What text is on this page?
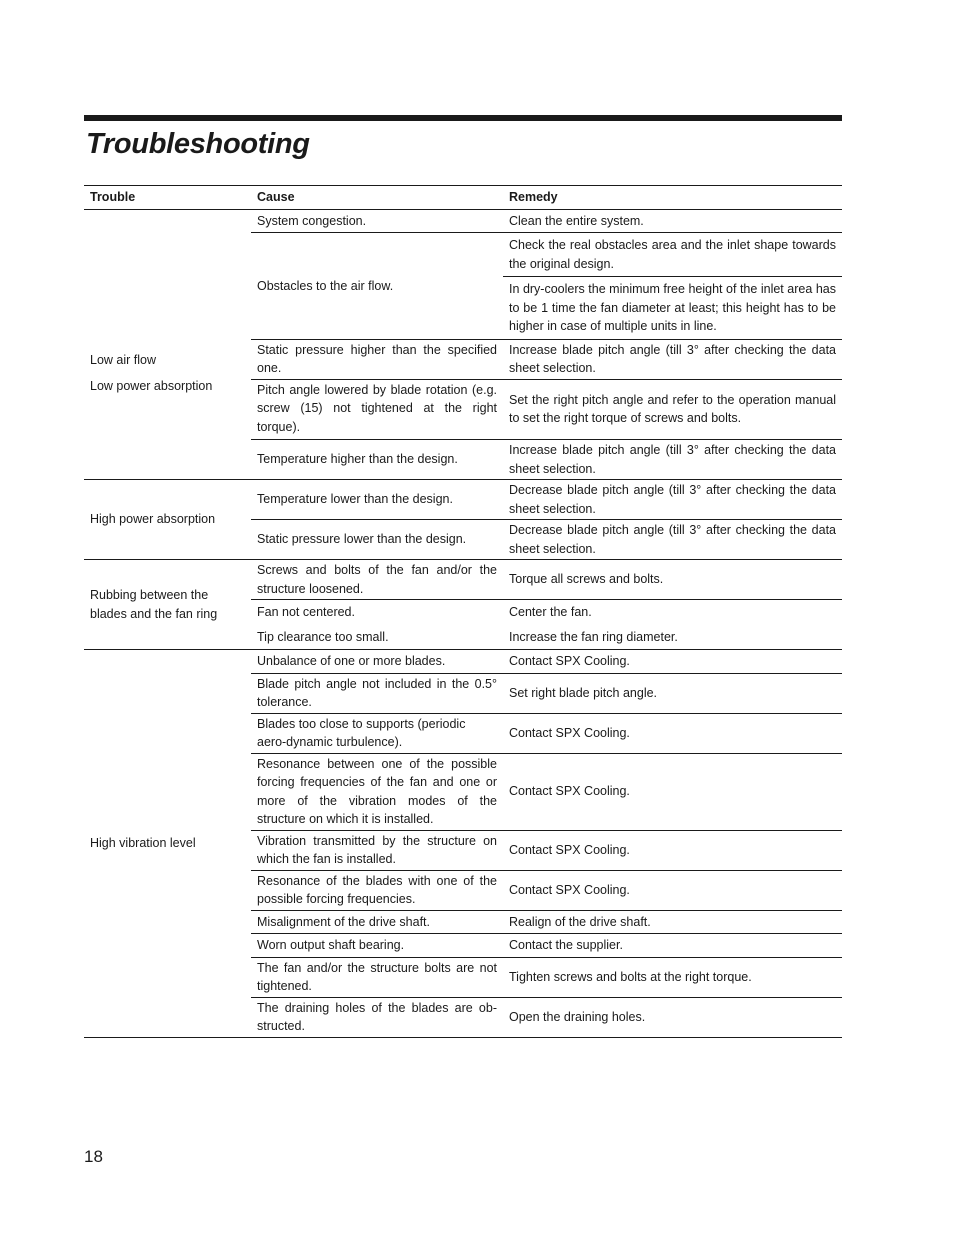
Troubleshooting
Trouble	Cause	Remedy

Low air flow
Low power absorption	System congestion.	Clean the entire system.
	Obstacles to the air flow.	Check the real obstacles area and the inlet shape towards the original design.
		In dry-coolers the minimum free height of the inlet area has to be 1 time the fan diameter at least; this height has to be higher in case of multiple units in line.
	Static pressure higher than the specified one.	Increase blade pitch angle (till 3° after checking the data sheet selection.
	Pitch angle lowered by blade rotation (e.g. screw (15) not tightened at the right torque).	Set the right pitch angle and refer to the operation manual to set the right torque of screws and bolts.
	Temperature higher than the design.	Increase blade pitch angle (till 3° after checking the data sheet selection.
High power absorption	Temperature lower than the design.	Decrease blade pitch angle (till 3° after checking the data sheet selection.
	Static pressure lower than the design.	Decrease blade pitch angle (till 3° after checking the data sheet selection.
Rubbing between the blades and the fan ring	Screws and bolts of the fan and/or the structure loosened.	Torque all screws and bolts.
	Fan not centered.	Center the fan.
	Tip clearance too small.	Increase the fan ring diameter.
High vibration level	Unbalance of one or more blades.	Contact SPX Cooling.
	Blade pitch angle not included in the 0.5° tolerance.	Set right blade pitch angle.
	Blades too close to supports (periodic aero-dynamic turbulence).	Contact SPX Cooling.
	Resonance between one of the possible forcing frequencies of the fan and one or more of the vibration modes of the structure on which it is installed.	Contact SPX Cooling.
	Vibration transmitted by the structure on which the fan is installed.	Contact SPX Cooling.
	Resonance of the blades with one of the possible forcing frequencies.	Contact SPX Cooling.
	Misalignment of the drive shaft.	Realign of the drive shaft.
	Worn output shaft bearing.	Contact the supplier.
	The fan and/or the structure bolts are not tightened.	Tighten screws and bolts at the right torque.
	The draining holes of the blades are ob-structed.	Open the draining holes.
18
